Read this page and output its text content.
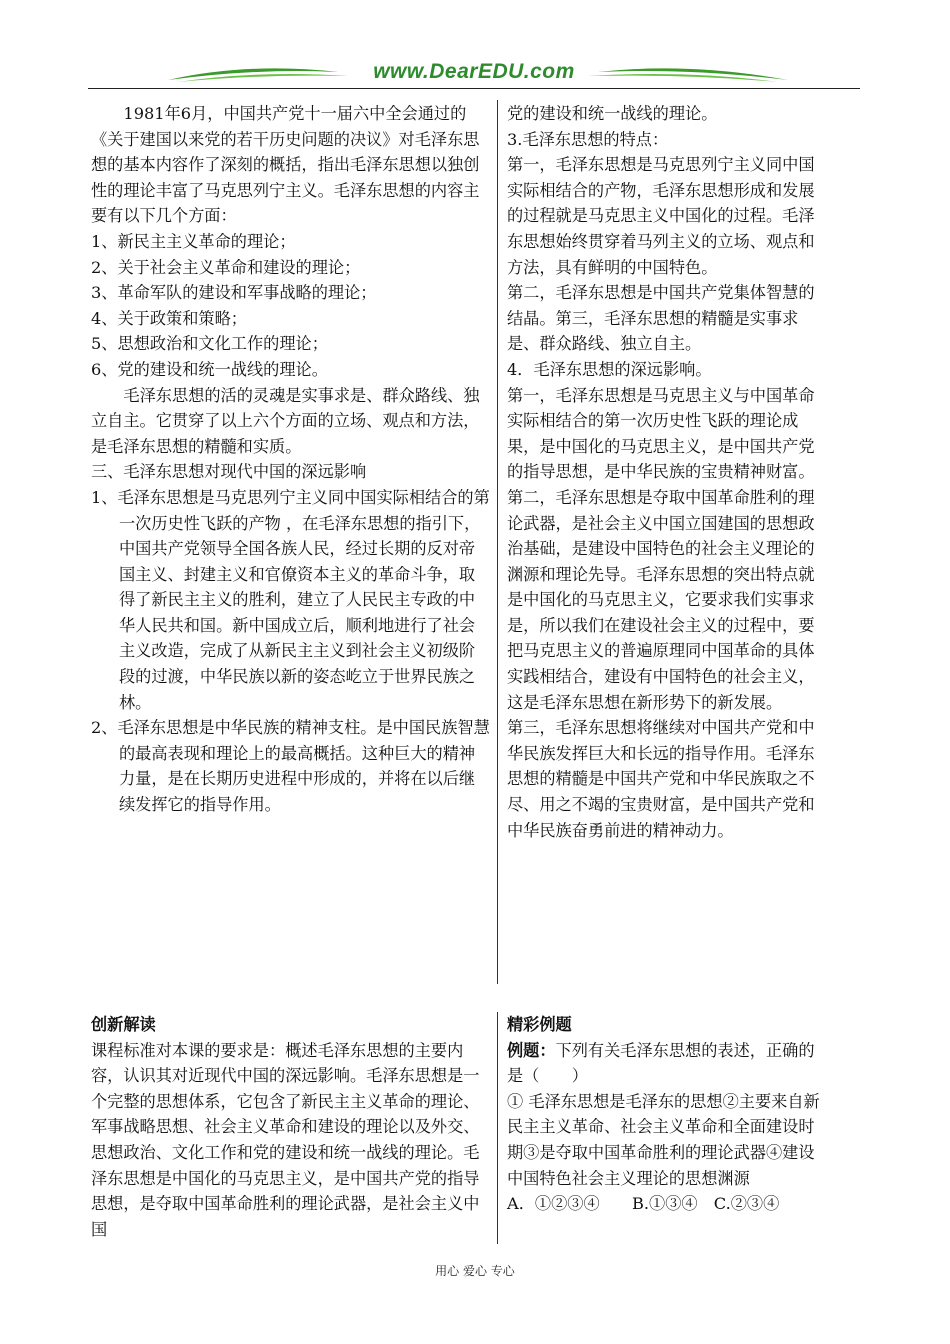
www.DearEDU.com

1981年6月，中国共产党十一届六中全会通过的《关于建国以来党的若干历史问题的决议》对毛泽东思想的基本内容作了深刻的概括，指出毛泽东思想以独创性的理论丰富了马克思列宁主义。毛泽东思想的内容主要有以下几个方面：

1、新民主主义革命的理论；

2、关于社会主义革命和建设的理论；

3、革命军队的建设和军事战略的理论；

4、关于政策和策略；

5、思想政治和文化工作的理论；

6、党的建设和统一战线的理论。

毛泽东思想的活的灵魂是实事求是、群众路线、独立自主。它贯穿了以上六个方面的立场、观点和方法，是毛泽东思想的精髓和实质。

三、毛泽东思想对现代中国的深远影响

1、毛泽东思想是马克思列宁主义同中国实际相结合的第一次历史性飞跃的产物 ，在毛泽东思想的指引下，中国共产党领导全国各族人民，经过长期的反对帝国主义、封建主义和官僚资本主义的革命斗争，取得了新民主主义的胜利，建立了人民民主专政的中华人民共和国。新中国成立后，顺利地进行了社会主义改造，完成了从新民主主义到社会主义初级阶段的过渡，中华民族以新的姿态屹立于世界民族之林。

2、毛泽东思想是中华民族的精神支柱。是中国民族智慧的最高表现和理论上的最高概括。这种巨大的精神力量，是在长期历史进程中形成的，并将在以后继续发挥它的指导作用。

党的建设和统一战线的理论。

3.毛泽东思想的特点：

第一，毛泽东思想是马克思列宁主义同中国实际相结合的产物，毛泽东思想形成和发展的过程就是马克思主义中国化的过程。毛泽东思想始终贯穿着马列主义的立场、观点和方法，具有鲜明的中国特色。

第二，毛泽东思想是中国共产党集体智慧的结晶。第三，毛泽东思想的精髓是实事求是、群众路线、独立自主。

4．毛泽东思想的深远影响。

第一，毛泽东思想是马克思主义与中国革命实际相结合的第一次历史性飞跃的理论成果，是中国化的马克思主义，是中国共产党的指导思想，是中华民族的宝贵精神财富。

第二，毛泽东思想是夺取中国革命胜利的理论武器，是社会主义中国立国建国的思想政治基础，是建设中国特色的社会主义理论的渊源和理论先导。毛泽东思想的突出特点就是中国化的马克思主义，它要求我们实事求是，所以我们在建设社会主义的过程中，要把马克思主义的普遍原理同中国革命的具体实践相结合，建设有中国特色的社会主义，这是毛泽东思想在新形势下的新发展。

第三，毛泽东思想将继续对中国共产党和中华民族发挥巨大和长远的指导作用。毛泽东思想的精髓是中国共产党和中华民族取之不尽、用之不竭的宝贵财富，是中国共产党和中华民族奋勇前进的精神动力。

创新解读

课程标准对本课的要求是：概述毛泽东思想的主要内容，认识其对近现代中国的深远影响。毛泽东思想是一个完整的思想体系，它包含了新民主主义革命的理论、军事战略思想、社会主义革命和建设的理论以及外交、思想政治、文化工作和党的建设和统一战线的理论。毛泽东思想是中国化的马克思主义，是中国共产党的指导思想，是夺取中国革命胜利的理论武器，是社会主义中国

精彩例题

例题：下列有关毛泽东思想的表述，正确的是（　　）

① 毛泽东思想是毛泽东的思想②主要来自新民主主义革命、社会主义革命和全面建设时期③是夺取中国革命胜利的理论武器④建设中国特色社会主义理论的思想渊源

A．①②③④　　B.①③④　C.②③④

用心 爱心 专心
